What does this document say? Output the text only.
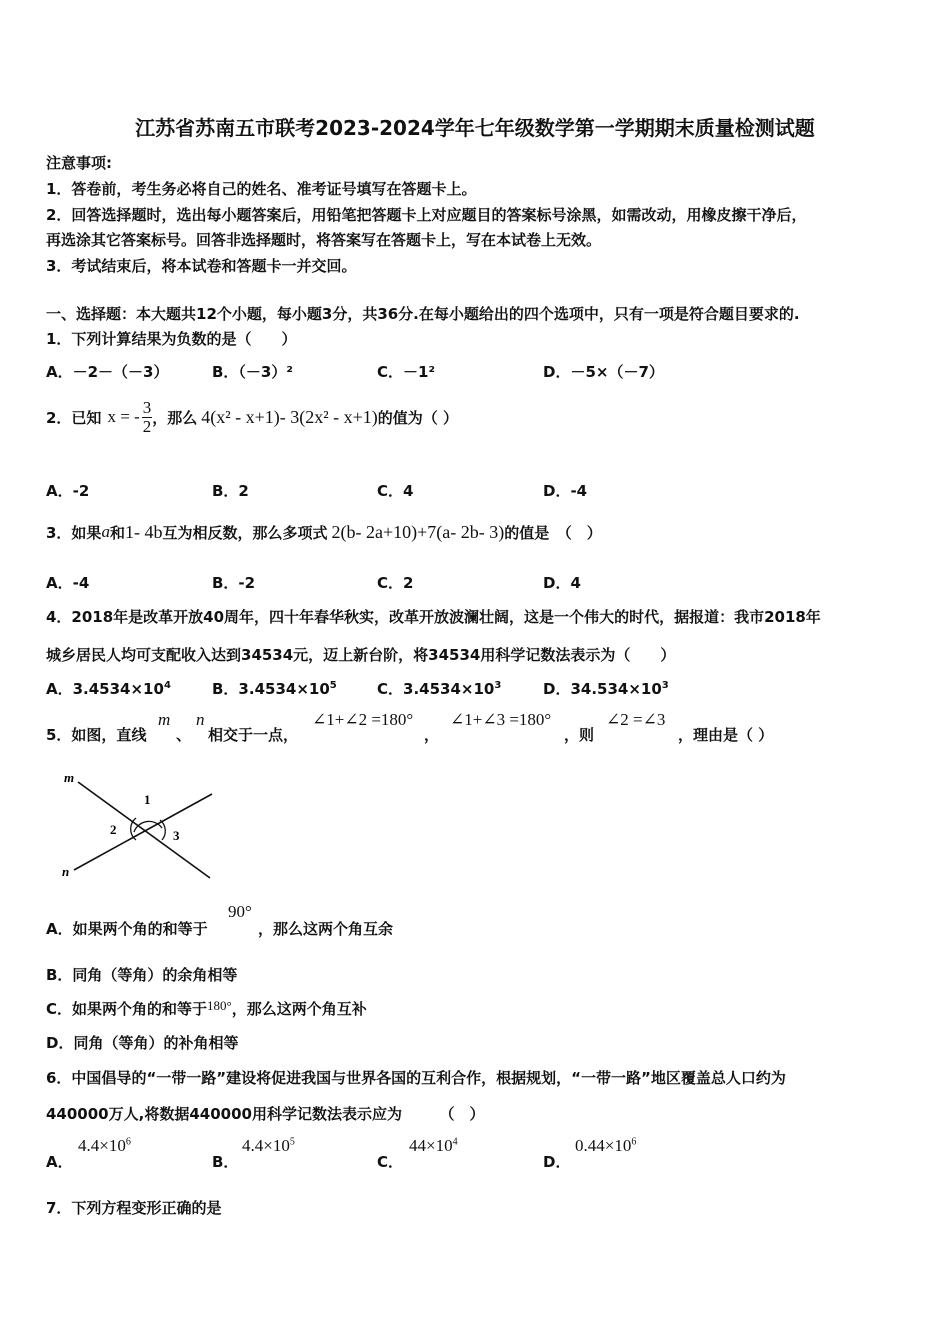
江苏省苏南五市联考2023-2024学年七年级数学第一学期期末质量检测试题
注意事项:
1．答卷前，考生务必将自己的姓名、准考证号填写在答题卡上。
2．回答选择题时，选出每小题答案后，用铅笔把答题卡上对应题目的答案标号涂黑，如需改动，用橡皮擦干净后，
再选涂其它答案标号。回答非选择题时，将答案写在答题卡上，写在本试卷上无效。
3．考试结束后，将本试卷和答题卡一并交回。
一、选择题：本大题共12个小题，每小题3分，共36分.在每小题给出的四个选项中，只有一项是符合题目要求的.
1．下列计算结果为负数的是（　　）
A．－2－（－3）	B．（－3）²	C．－1²	D．－5×（－7）
2．已知 x = - $\frac{3}{2}$ ，那么 4(x² - x+1)- 3(2x² - x+1) 的值为（ ）
A．-2	B．2	C．4	D．-4
3．如果 a 和 1- 4b 互为相反数，那么多项式 2(b- 2a+10)+7(a- 2b- 3) 的值是　（　）
A．-4	B．-2	C．2	D．4
4．2018年是改革开放40周年，四十年春华秋实，改革开放波澜壮阔，这是一个伟大的时代，据报道：我市2018年
城乡居民人均可支配收入达到34534元，迈上新台阶，将34534用科学记数法表示为（　　）
A．$3.4534\times 10^4$	B．$3.4534\times 10^5$	C．$3.4534\times 10^3$	D．$34.534\times 10^3$
5．如图，直线
m
、
n
相交于一点，
∠1+∠2 =180°
，
∠1+∠3 =180°
，则
∠2 =∠3
，理由是（ ）
m
n
1
2	3
A．如果两个角的和等于
90°
，那么这两个角互余
B．同角（等角）的余角相等
C．如果两个角的和等于180°，那么这两个角互补
D．同角（等角）的补角相等
6．中国倡导的“一带一路”建设将促进我国与世界各国的互利合作，根据规划，“一带一路”地区覆盖总人口约为
440000万人,将数据440000用科学记数法表示应为　　　（　）
A．
$4.4\times 10^6$
B．
$4.4\times 10^5$
C．
$44\times 10^4$
D．
$0.44\times 10^6$
7．下列方程变形正确的是
